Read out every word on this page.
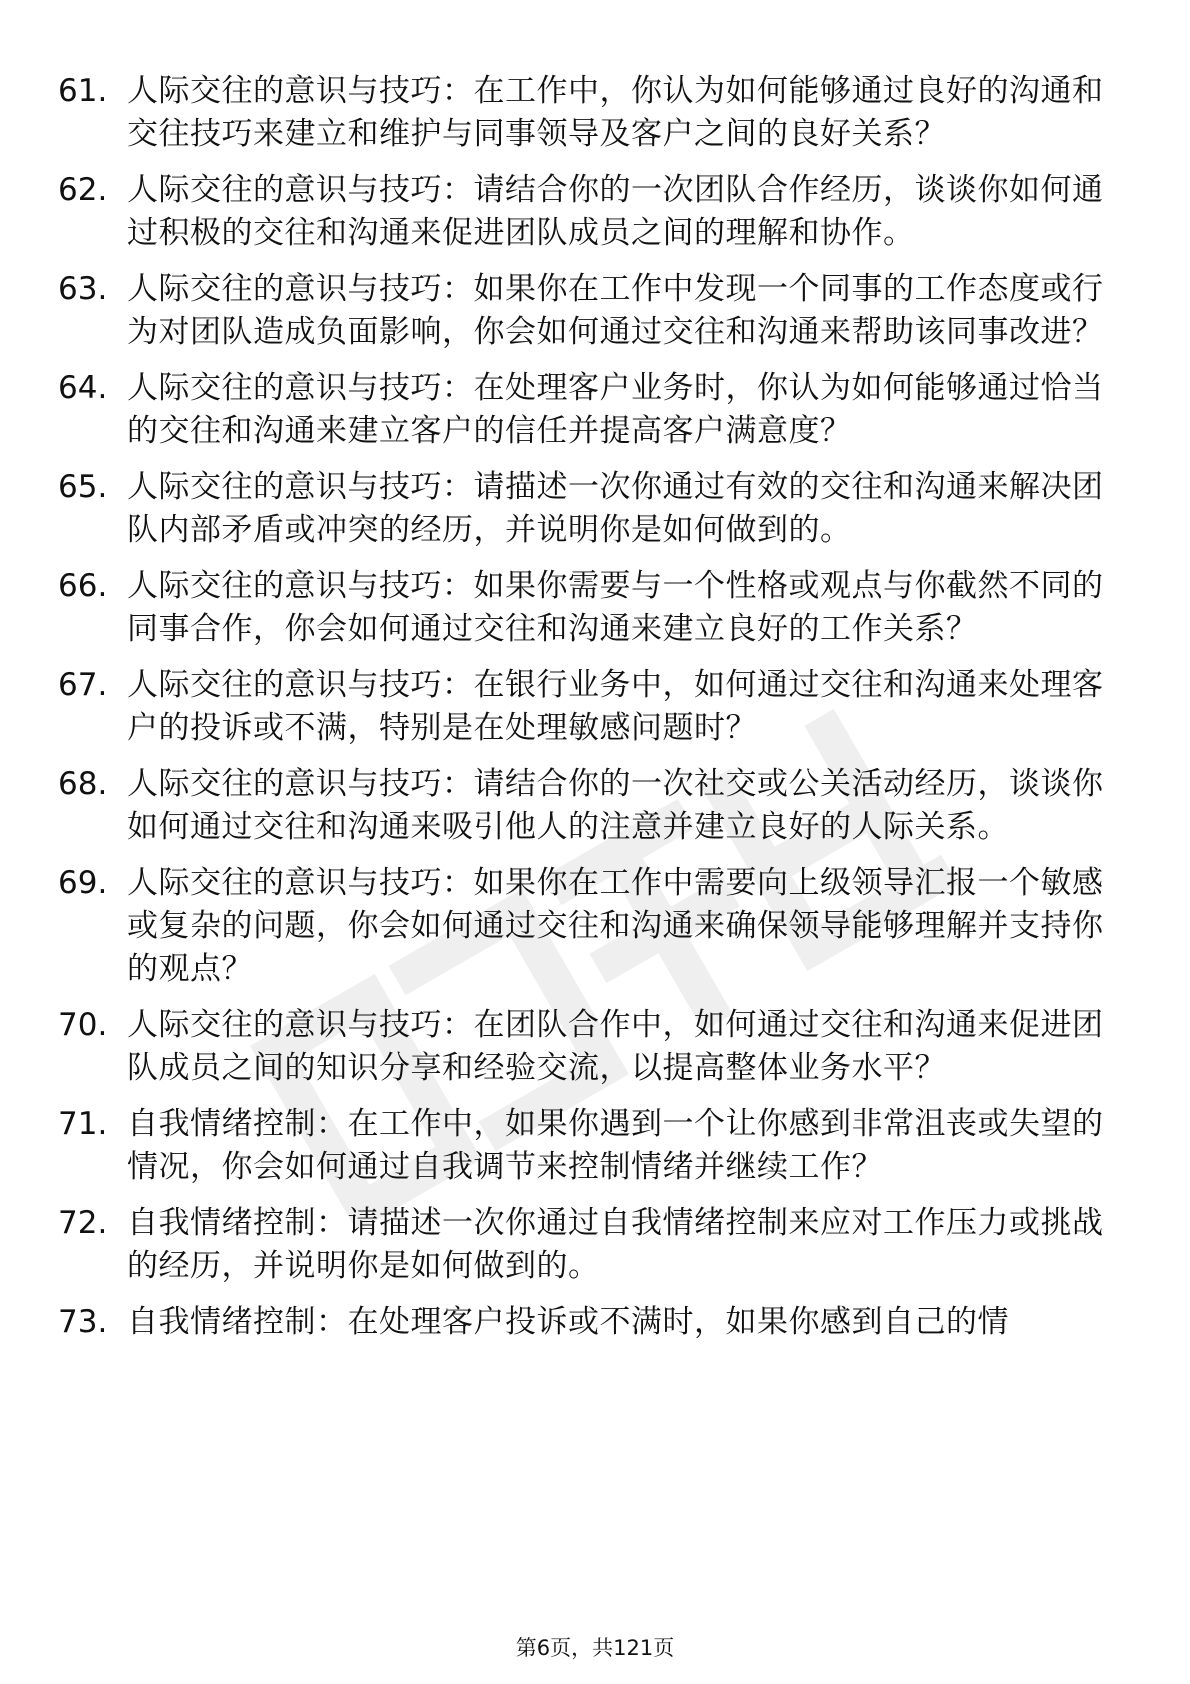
61. 人际交往的意识与技巧：在工作中，你认为如何能够通过良好的沟通和交往技巧来建立和维护与同事领导及客户之间的良好关系？
62. 人际交往的意识与技巧：请结合你的一次团队合作经历，谈谈你如何通过积极的交往和沟通来促进团队成员之间的理解和协作。
63. 人际交往的意识与技巧：如果你在工作中发现一个同事的工作态度或行为对团队造成负面影响，你会如何通过交往和沟通来帮助该同事改进？
64. 人际交往的意识与技巧：在处理客户业务时，你认为如何能够通过恰当的交往和沟通来建立客户的信任并提高客户满意度？
65. 人际交往的意识与技巧：请描述一次你通过有效的交往和沟通来解决团队内部矛盾或冲突的经历，并说明你是如何做到的。
66. 人际交往的意识与技巧：如果你需要与一个性格或观点与你截然不同的同事合作，你会如何通过交往和沟通来建立良好的工作关系？
67. 人际交往的意识与技巧：在银行业务中，如何通过交往和沟通来处理客户的投诉或不满，特别是在处理敏感问题时？
68. 人际交往的意识与技巧：请结合你的一次社交或公关活动经历，谈谈你如何通过交往和沟通来吸引他人的注意并建立良好的人际关系。
69. 人际交往的意识与技巧：如果你在工作中需要向上级领导汇报一个敏感或复杂的问题，你会如何通过交往和沟通来确保领导能够理解并支持你的观点？
70. 人际交往的意识与技巧：在团队合作中，如何通过交往和沟通来促进团队成员之间的知识分享和经验交流，以提高整体业务水平？
71. 自我情绪控制：在工作中，如果你遇到一个让你感到非常沮丧或失望的情况，你会如何通过自我调节来控制情绪并继续工作？
72. 自我情绪控制：请描述一次你通过自我情绪控制来应对工作压力或挑战的经历，并说明你是如何做到的。
73. 自我情绪控制：在处理客户投诉或不满时，如果你感到自己的情
第6页，共121页
